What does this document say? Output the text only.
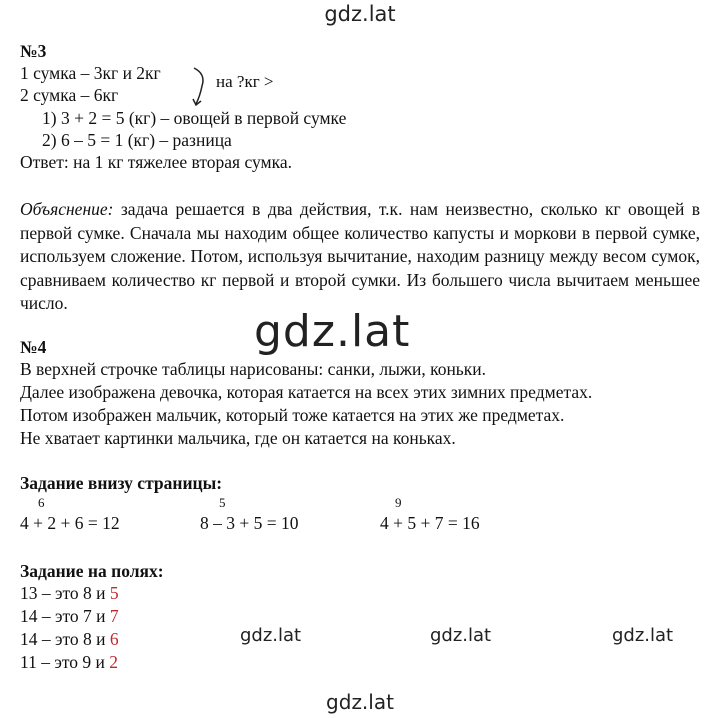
gdz.lat
№3
1 сумка – 3кг и 2кг
2 сумка – 6кг
на ?кг >
1) 3 + 2 = 5 (кг) – овощей в первой сумке
2) 6 – 5 = 1 (кг) – разница
Ответ: на 1 кг тяжелее вторая сумка.
Объяснение: задача решается в два действия, т.к. нам неизвестно, сколько кг овощей в первой сумке. Сначала мы находим общее количество капусты и моркови в первой сумке, используем сложение. Потом, используя вычитание, находим разницу между весом сумок, сравниваем количество кг первой и второй сумки. Из большего числа вычитаем меньшее число.
gdz.lat
№4
В верхней строчке таблицы нарисованы: санки, лыжи, коньки.
Далее изображена девочка, которая катается на всех этих зимних предметах.
Потом изображен мальчик, который тоже катается на этих же предметах.
Не хватает картинки мальчика, где он катается на коньках.
Задание внизу страницы:
6
4 + 2 + 6 = 12
5
8 – 3 + 5 = 10
9
4 + 5 + 7 = 16
Задание на полях:
13 – это 8 и 5
14 – это 7 и 7
14 – это 8 и 6
11 – это 9 и 2
gdz.lat	gdz.lat	gdz.lat
gdz.lat
